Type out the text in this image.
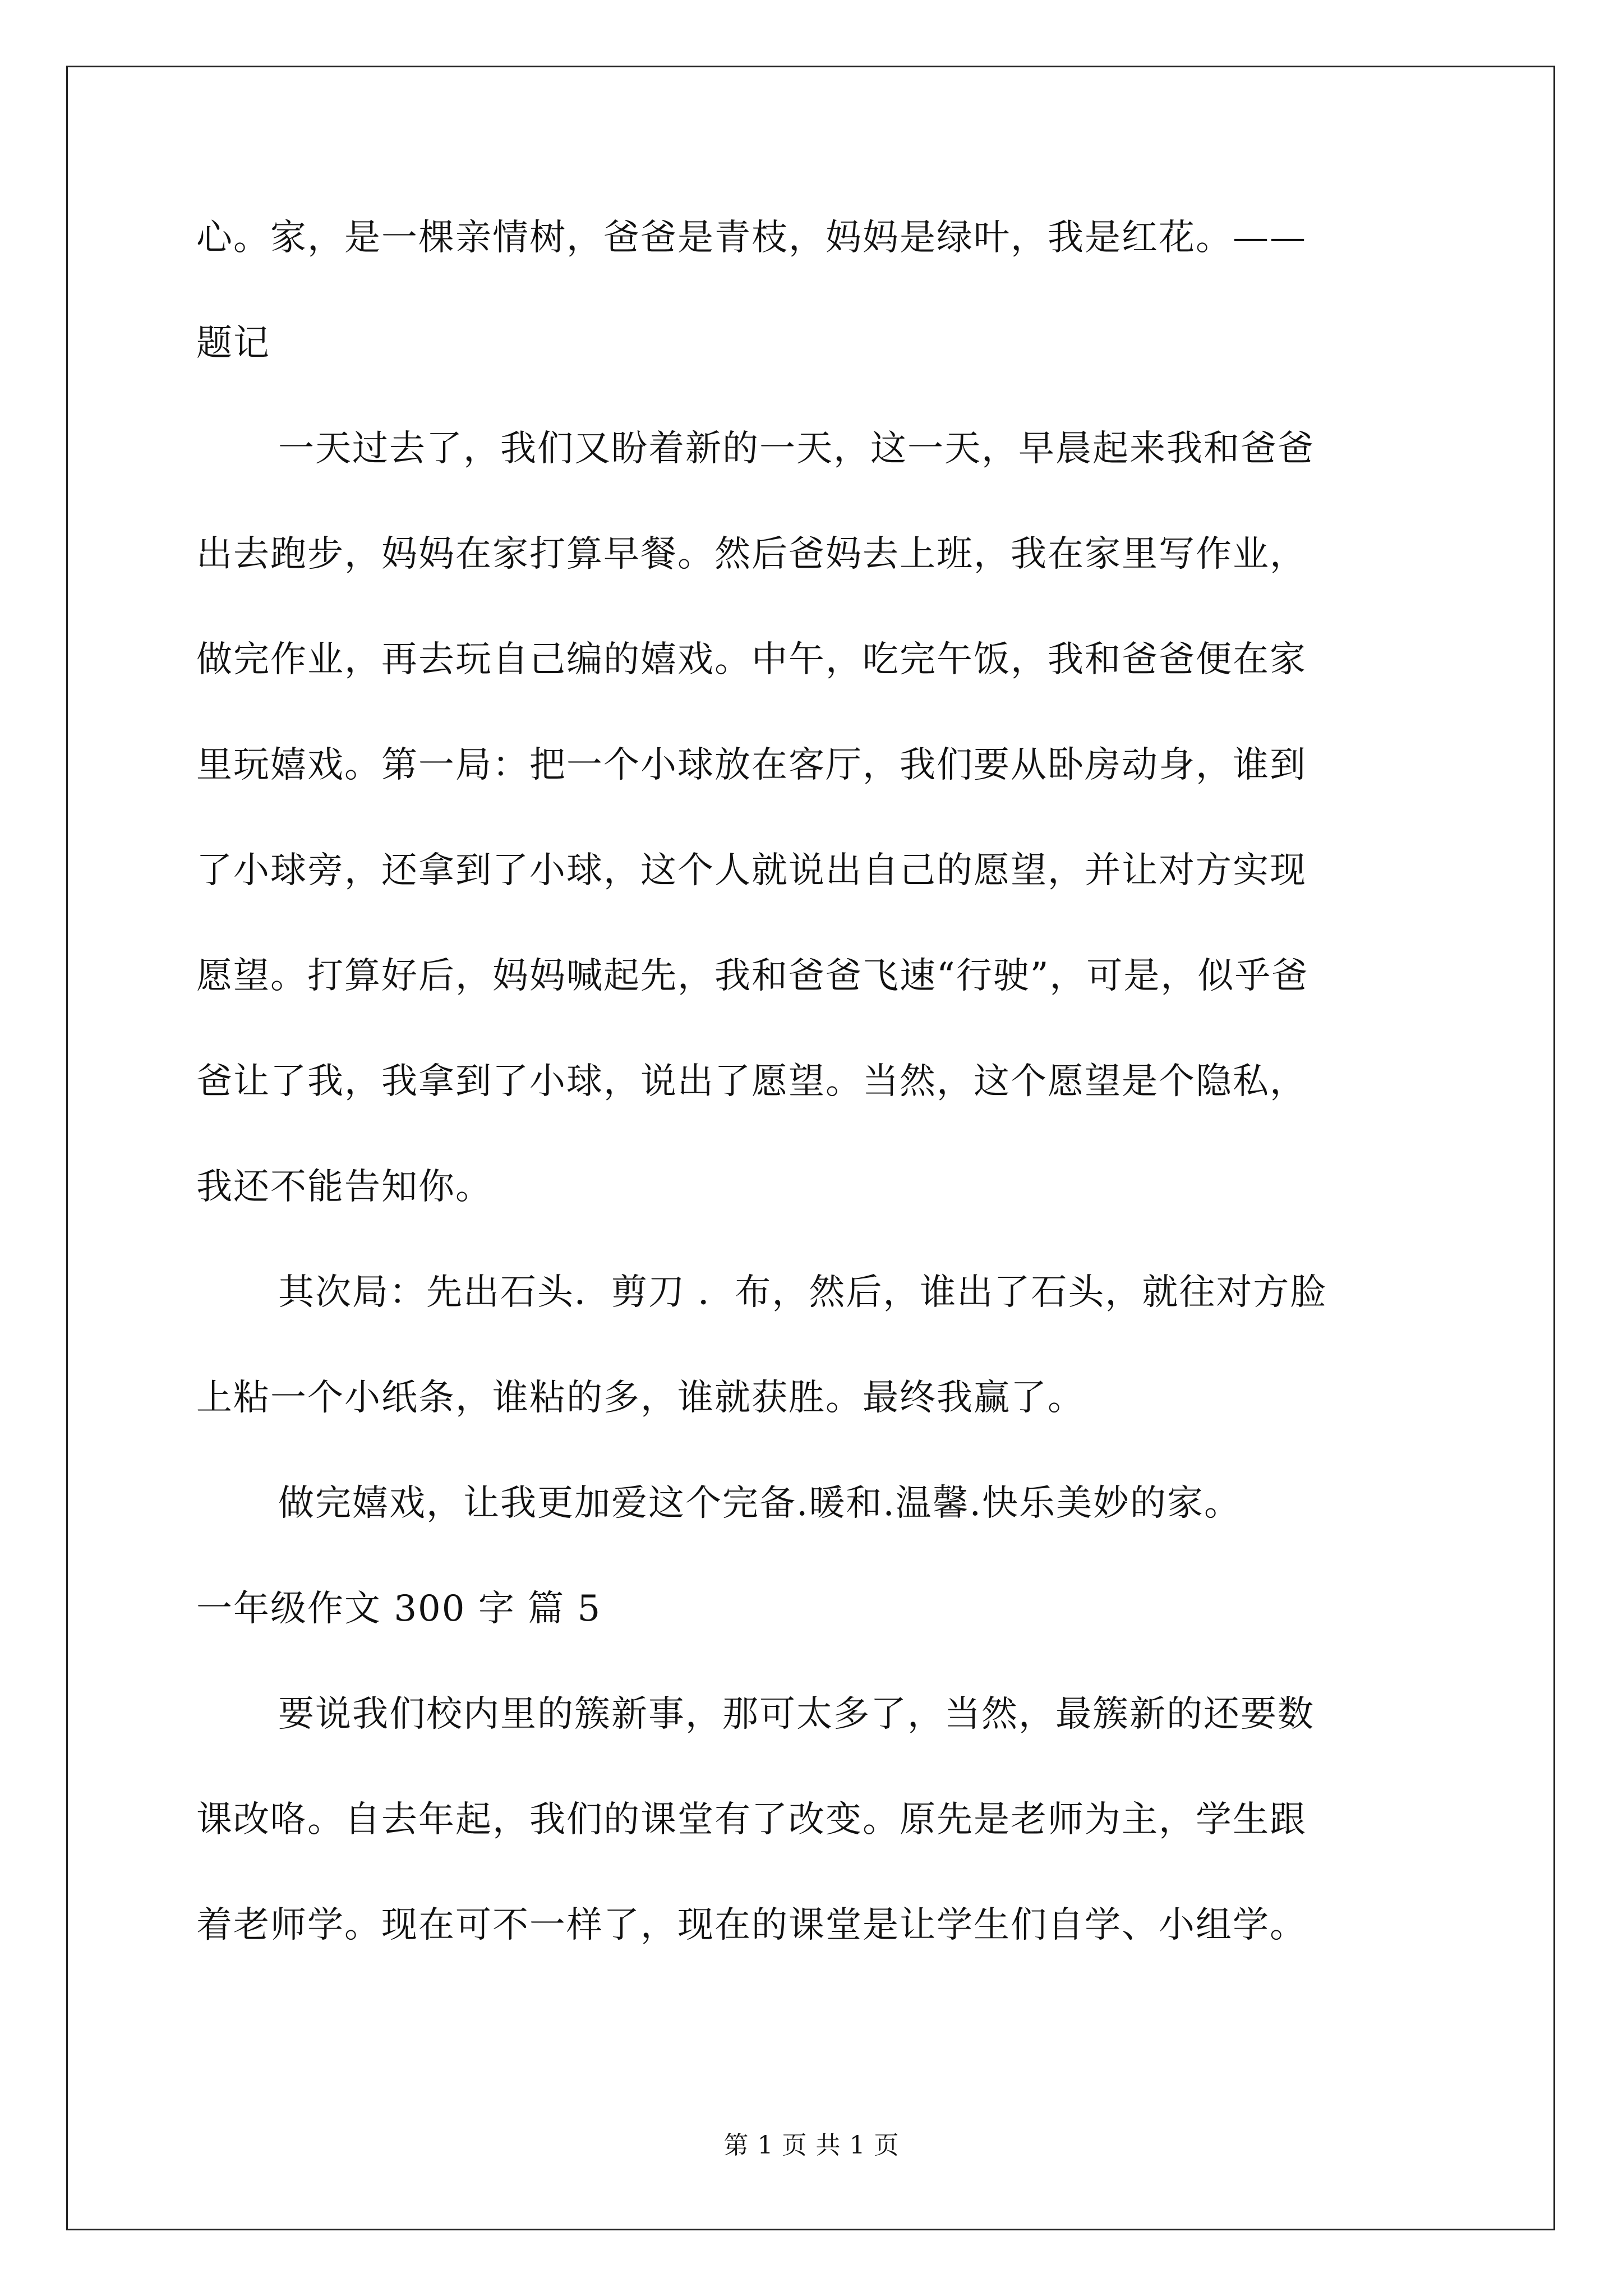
心。家，是一棵亲情树，爸爸是青枝，妈妈是绿叶，我是红花。——
题记
一天过去了，我们又盼着新的一天，这一天，早晨起来我和爸爸
出去跑步，妈妈在家打算早餐。然后爸妈去上班，我在家里写作业，
做完作业，再去玩自己编的嬉戏。中午，吃完午饭，我和爸爸便在家
里玩嬉戏。第一局：把一个小球放在客厅，我们要从卧房动身，谁到
了小球旁，还拿到了小球，这个人就说出自己的愿望，并让对方实现
愿望。打算好后，妈妈喊起先，我和爸爸飞速“行驶”，可是，似乎爸
爸让了我，我拿到了小球，说出了愿望。当然，这个愿望是个隐私，
我还不能告知你。
其次局：先出石头．剪刀 ．布，然后，谁出了石头，就往对方脸
上粘一个小纸条，谁粘的多，谁就获胜。最终我赢了。
做完嬉戏，让我更加爱这个完备.暖和.温馨.快乐美妙的家。
一年级作文 300 字 篇 5
要说我们校内里的簇新事，那可太多了，当然，最簇新的还要数
课改咯。自去年起，我们的课堂有了改变。原先是老师为主，学生跟
着老师学。现在可不一样了，现在的课堂是让学生们自学、小组学。
第 1 页 共 1 页
